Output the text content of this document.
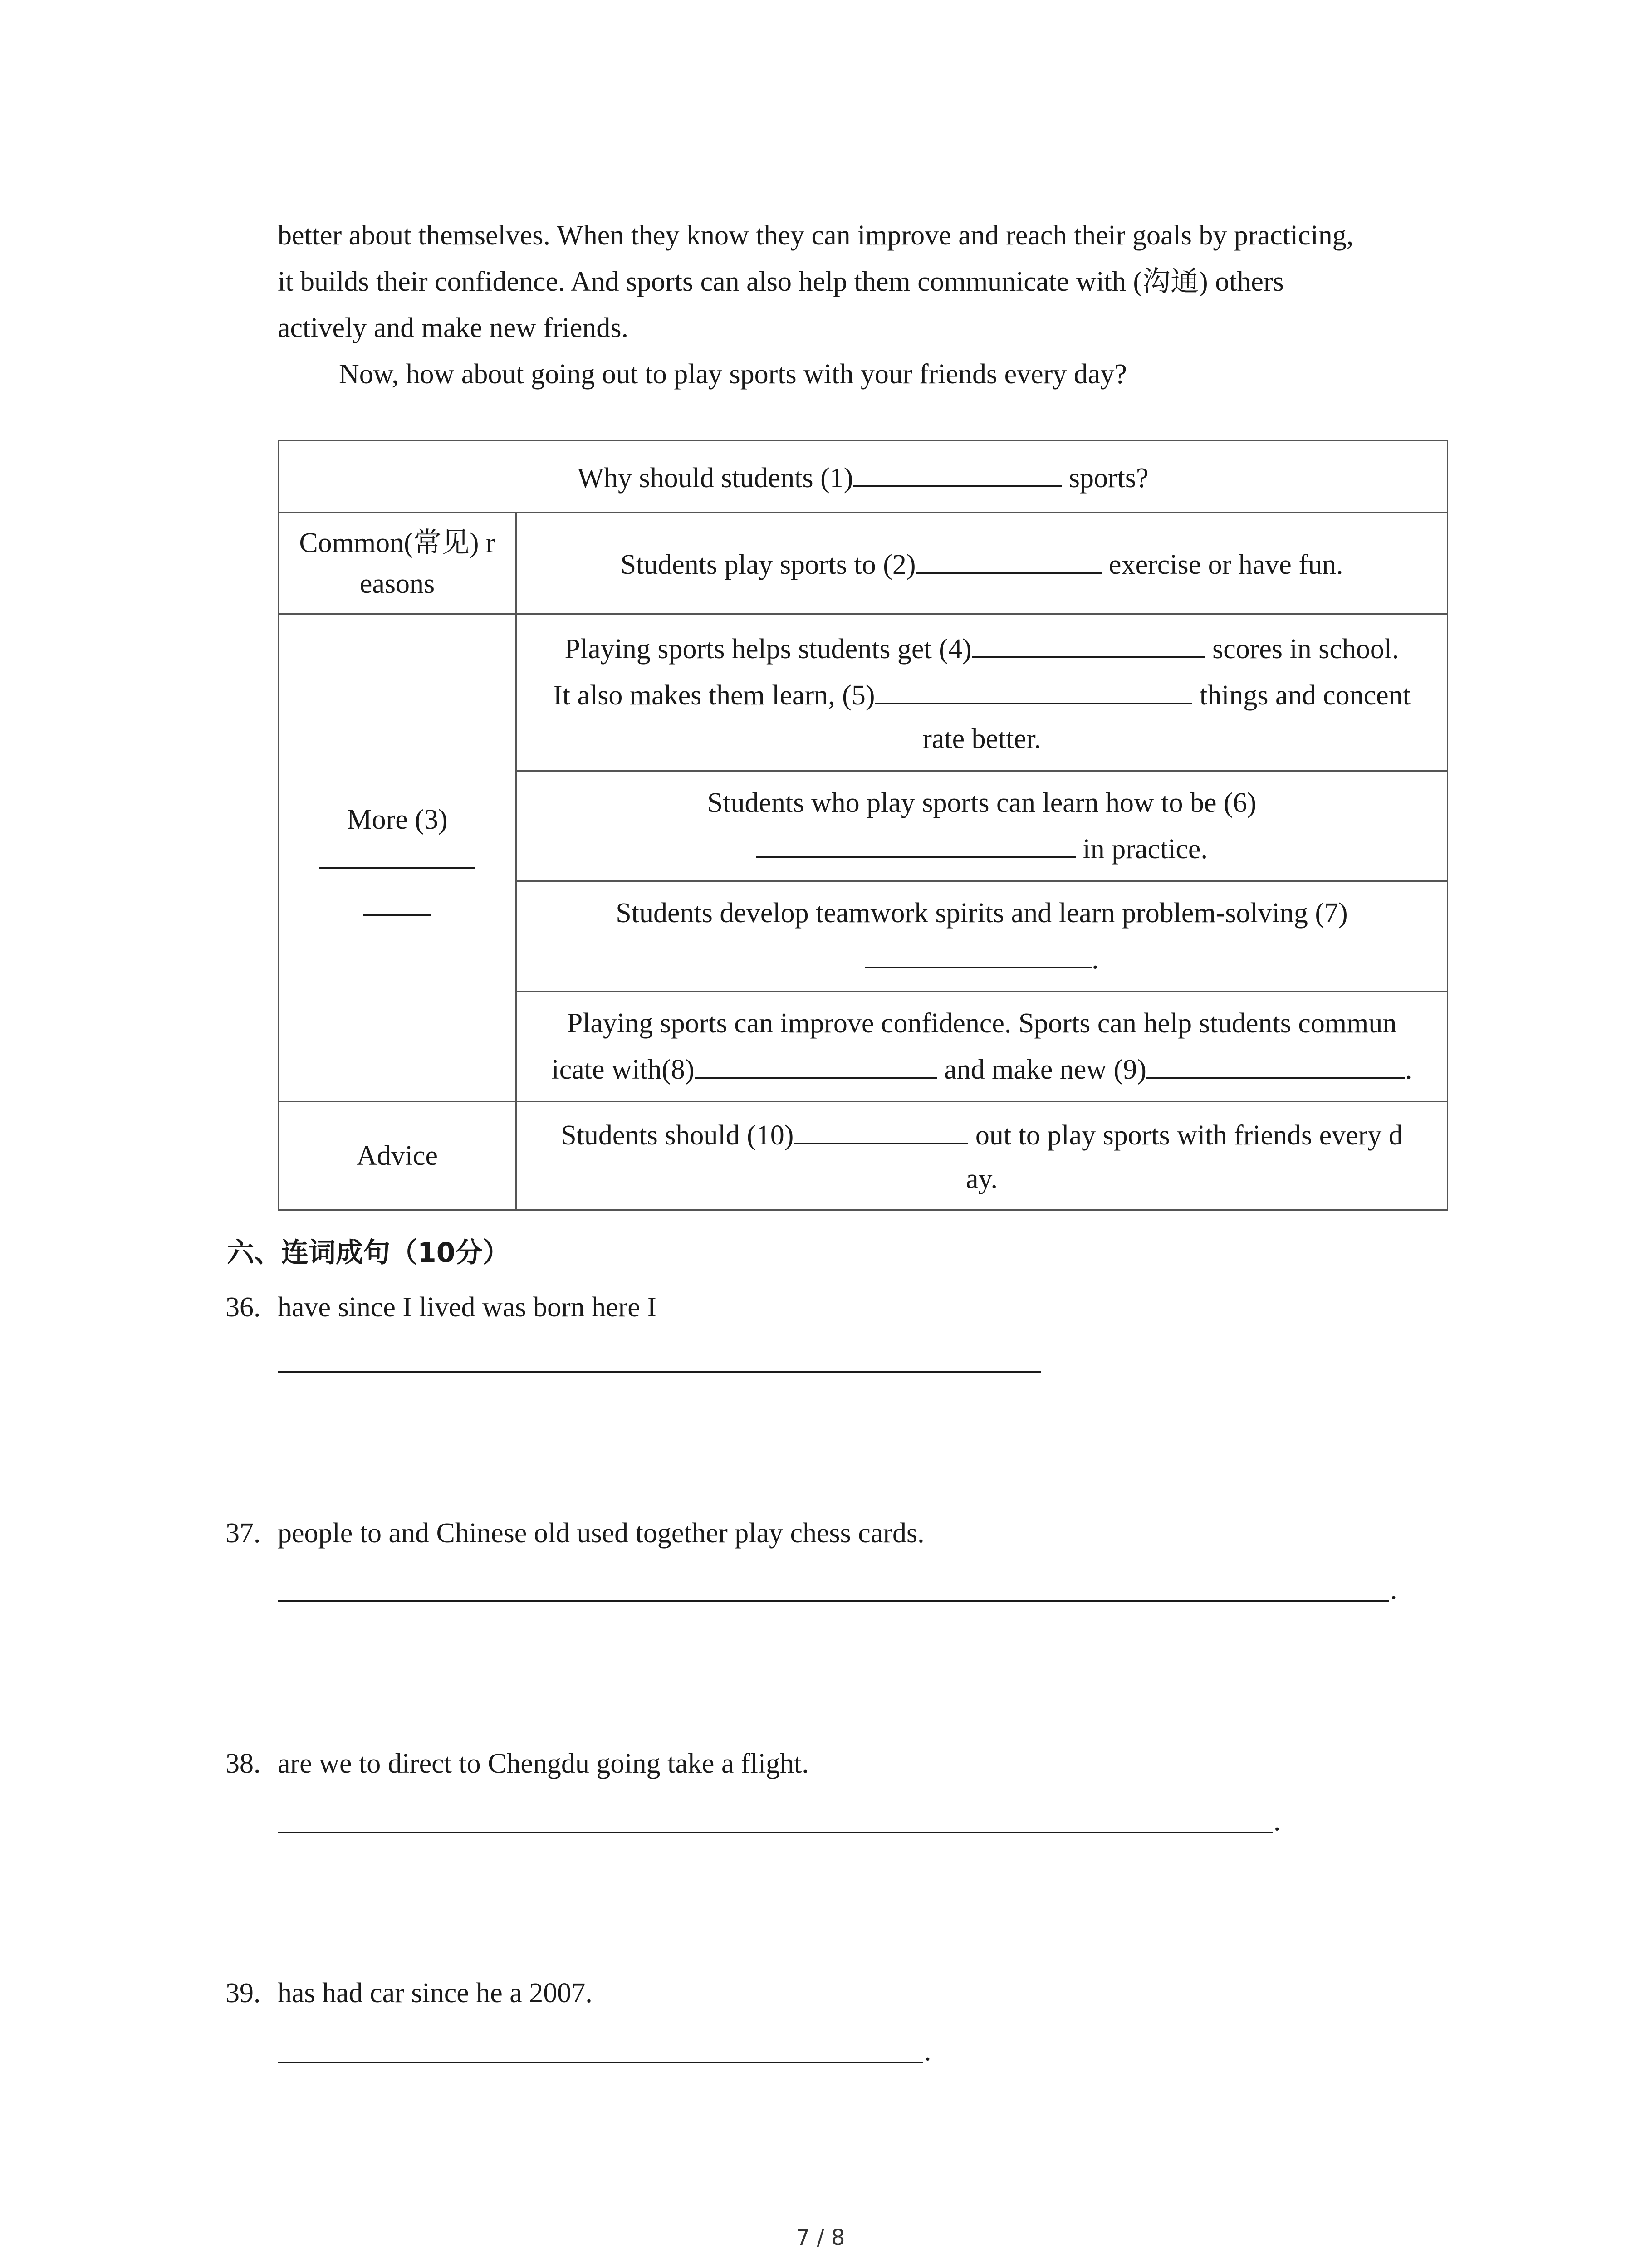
better about themselves. When they know they can improve and reach their goals by practicing,

it builds their confidence. And sports can also help them communicate with (沟通) others

actively and make new friends.

Now, how about going out to play sports with your friends every day?

Why should students (1) sports?	
Common(常见) r
easons	Students play sports to (2) exercise or have fun.
More (3)	Playing sports helps students get (4) scores in school.
It also makes them learn, (5) things and concent
rate better.
	Students who play sports can learn how to be (6)
in practice.
	Students develop teamwork spirits and learn problem-solving (7)
.
	Playing sports can improve confidence. Sports can help students commun
icate with(8) and make new (9) .
Advice	Students should (10) out to play sports with friends every d
ay.
六、连词成句（10分）
36. have since I lived was born here I
37. people to and Chinese old used together play chess cards.
.
38. are we to direct to Chengdu going take a flight.
.
39. has had car since he a 2007.
.
7 / 8
